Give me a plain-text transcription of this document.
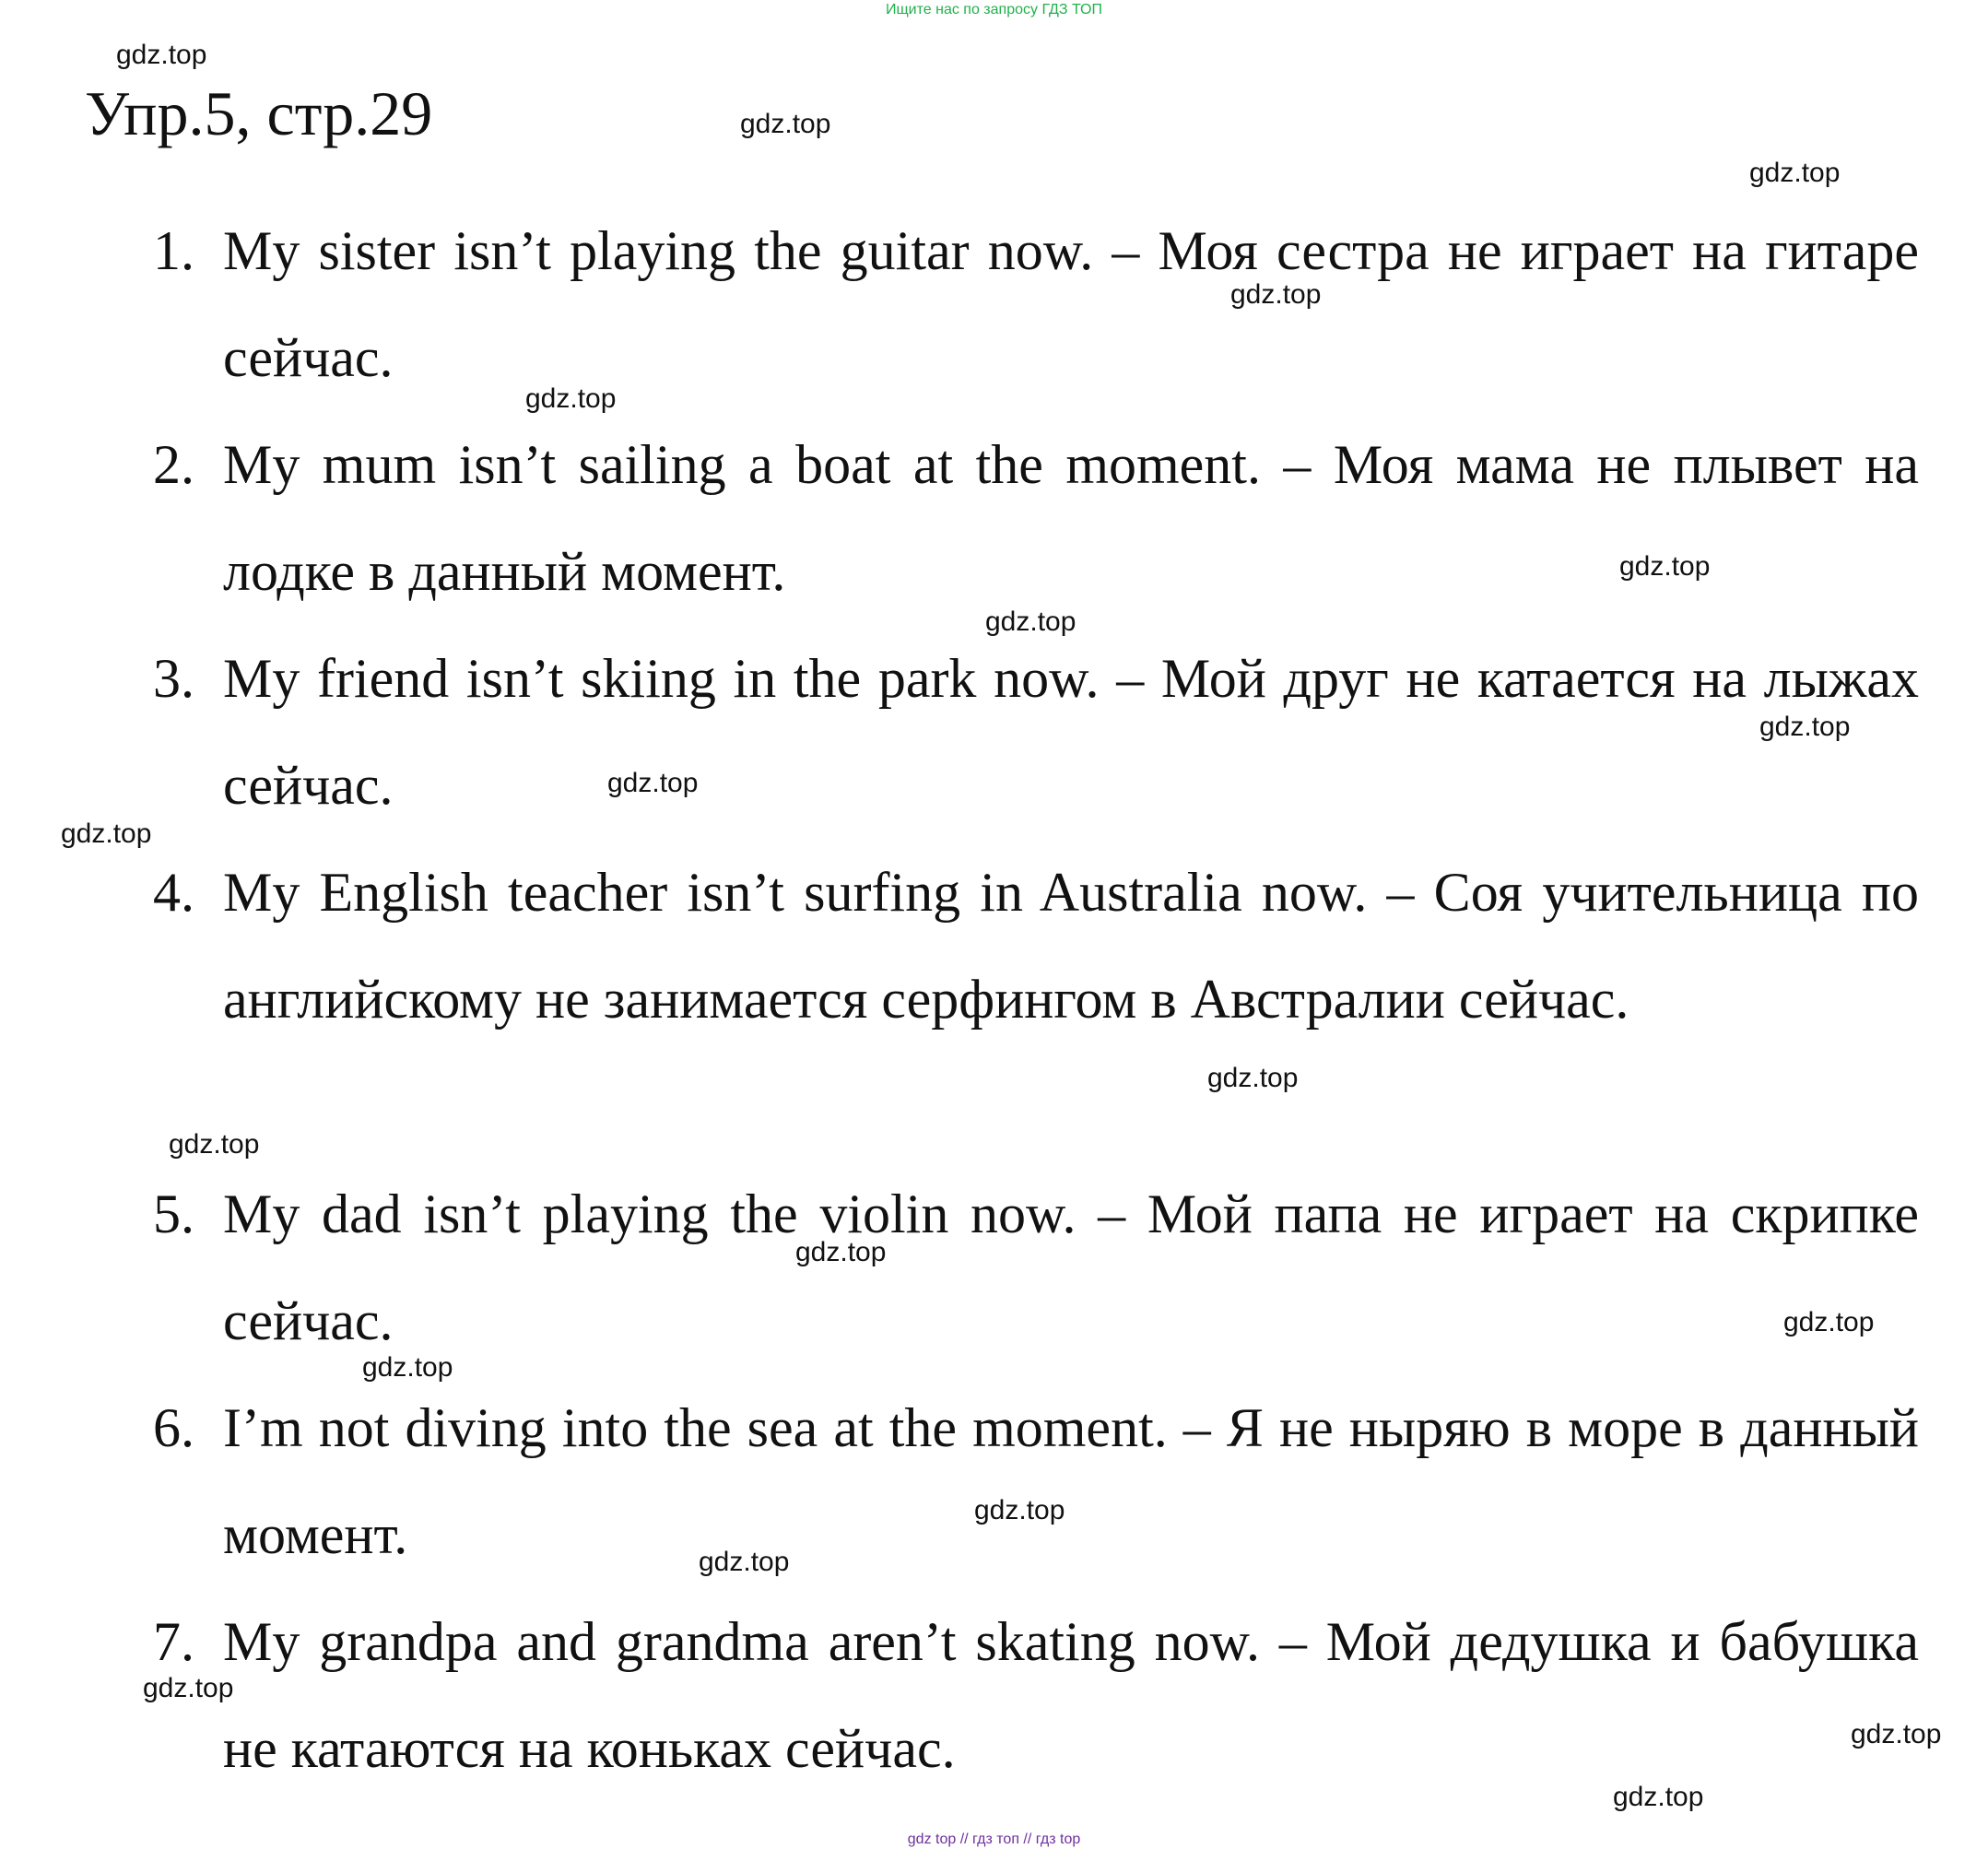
Ищите нас по запросу ГДЗ ТОП
Упр.5, стр.29
1. My sister isn’t playing the guitar now. – Моя сестра не играет на гитаре сейчас.
2. My mum isn’t sailing a boat at the moment. – Моя мама не плывет на лодке в данный момент.
3. My friend isn’t skiing in the park now. – Мой друг не катается на лыжах сейчас.
4. My English teacher isn’t surfing in Australia now. – Соя учительница по английскому не занимается серфингом в Австралии сейчас.
5. My dad isn’t playing the violin now. – Мой папа не играет на скрипке сейчас.
6. I’m not diving into the sea at the moment. – Я не ныряю в море в данный момент.
7. My grandpa and grandma aren’t skating now. – Мой дедушка и бабушка не катаются на коньках сейчас.
gdz.top
gdz.top
gdz.top
gdz.top
gdz.top
gdz.top
gdz.top
gdz.top
gdz.top
gdz.top
gdz.top
gdz.top
gdz.top
gdz.top
gdz.top
gdz.top
gdz.top
gdz.top
gdz.top
gdz.top
gdz top // гдз топ // гдз top
